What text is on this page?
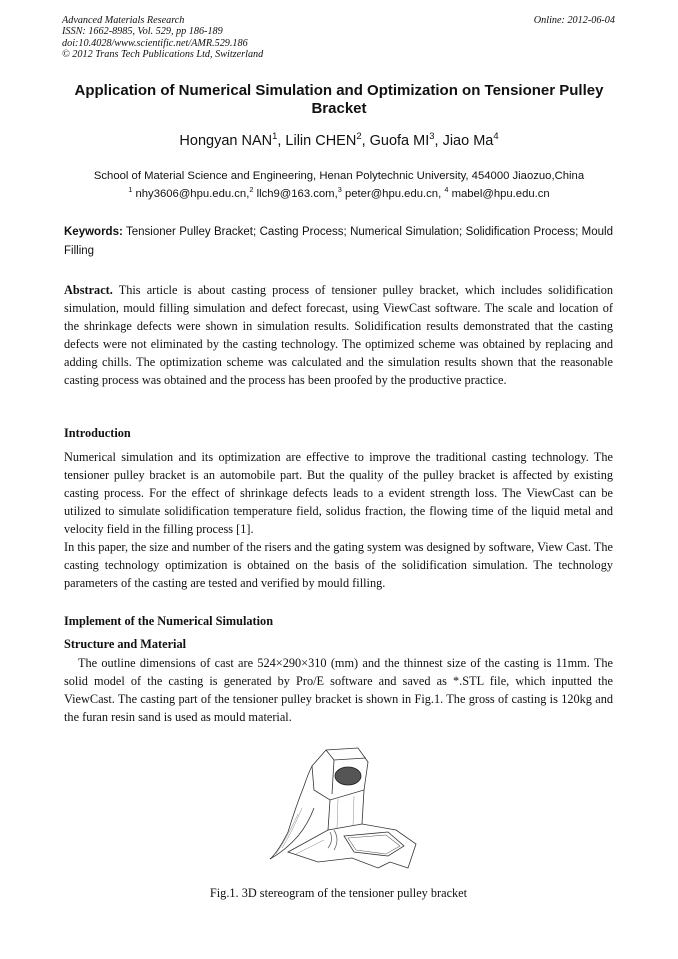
Advanced Materials Research
ISSN: 1662-8985, Vol. 529, pp 186-189
doi:10.4028/www.scientific.net/AMR.529.186
© 2012 Trans Tech Publications Ltd, Switzerland
Online: 2012-06-04
Application of Numerical Simulation and Optimization on Tensioner Pulley Bracket
Hongyan NAN$^1$, Lilin CHEN$^2$, Guofa $MI^3$, Jiao Ma$^4$
School of Material Science and Engineering, Henan Polytechnic University, 454000 Jiaozuo,China
$^1$ nhy3606@hpu.edu.cn,$^2$ llch9@163.com,$^3$ peter@hpu.edu.cn, $^4$ mabel@hpu.edu.cn
Keywords: Tensioner Pulley Bracket; Casting Process; Numerical Simulation; Solidification Process; Mould Filling
Abstract. This article is about casting process of tensioner pulley bracket, which includes solidification simulation, mould filling simulation and defect forecast, using ViewCast software. The scale and location of the shrinkage defects were shown in simulation results. Solidification results demonstrated that the casting defects were not eliminated by the casting technology. The optimized scheme was obtained by replacing and adding chills. The optimization scheme was calculated and the simulation results shown that the reasonable casting process was obtained and the process has been proofed by the productive practice.
Introduction
Numerical simulation and its optimization are effective to improve the traditional casting technology. The tensioner pulley bracket is an automobile part. But the quality of the pulley bracket is affected by existing casting process. For the effect of shrinkage defects leads to a evident strength loss. The ViewCast can be utilized to simulate solidification temperature field, solidus fraction, the flowing time of the liquid metal and velocity field in the filling process [1].
In this paper, the size and number of the risers and the gating system was designed by software, View Cast. The casting technology optimization is obtained on the basis of the solidification simulation. The technology parameters of the casting are tested and verified by mould filling.
Implement of the Numerical Simulation
Structure and Material
The outline dimensions of cast are 524×290×310 (mm) and the thinnest size of the casting is 11mm. The solid model of the casting is generated by Pro/E software and saved as *.STL file, which inputted the ViewCast. The casting part of the tensioner pulley bracket is shown in Fig.1. The gross of casting is 120kg and the furan resin sand is used as mould material.
Fig.1. 3D stereogram of the tensioner pulley bracket
